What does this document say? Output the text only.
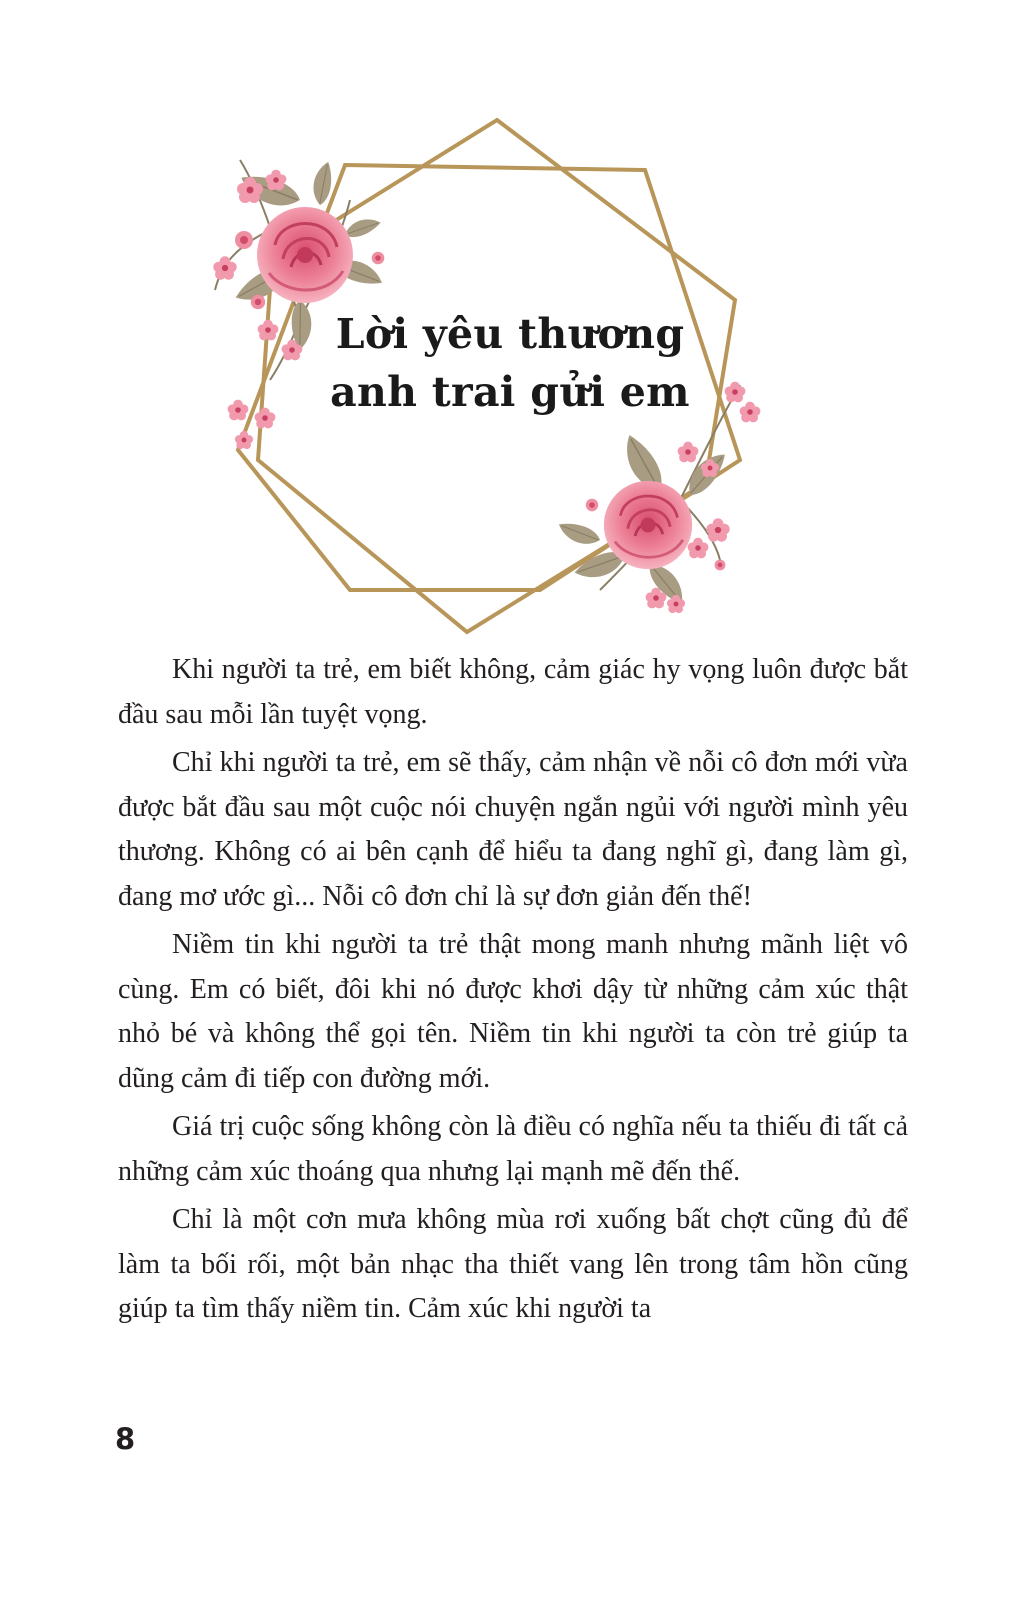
Lời yêu thương
anh trai gửi em

Khi người ta trẻ, em biết không, cảm giác hy vọng luôn được bắt đầu sau mỗi lần tuyệt vọng.

Chỉ khi người ta trẻ, em sẽ thấy, cảm nhận về nỗi cô đơn mới vừa được bắt đầu sau một cuộc nói chuyện ngắn ngủi với người mình yêu thương. Không có ai bên cạnh để hiểu ta đang nghĩ gì, đang làm gì, đang mơ ước gì... Nỗi cô đơn chỉ là sự đơn giản đến thế!

Niềm tin khi người ta trẻ thật mong manh nhưng mãnh liệt vô cùng. Em có biết, đôi khi nó được khơi dậy từ những cảm xúc thật nhỏ bé và không thể gọi tên. Niềm tin khi người ta còn trẻ giúp ta dũng cảm đi tiếp con đường mới.

Giá trị cuộc sống không còn là điều có nghĩa nếu ta thiếu đi tất cả những cảm xúc thoáng qua nhưng lại mạnh mẽ đến thế.

Chỉ là một cơn mưa không mùa rơi xuống bất chợt cũng đủ để làm ta bối rối, một bản nhạc tha thiết vang lên trong tâm hồn cũng giúp ta tìm thấy niềm tin. Cảm xúc khi người ta

8
